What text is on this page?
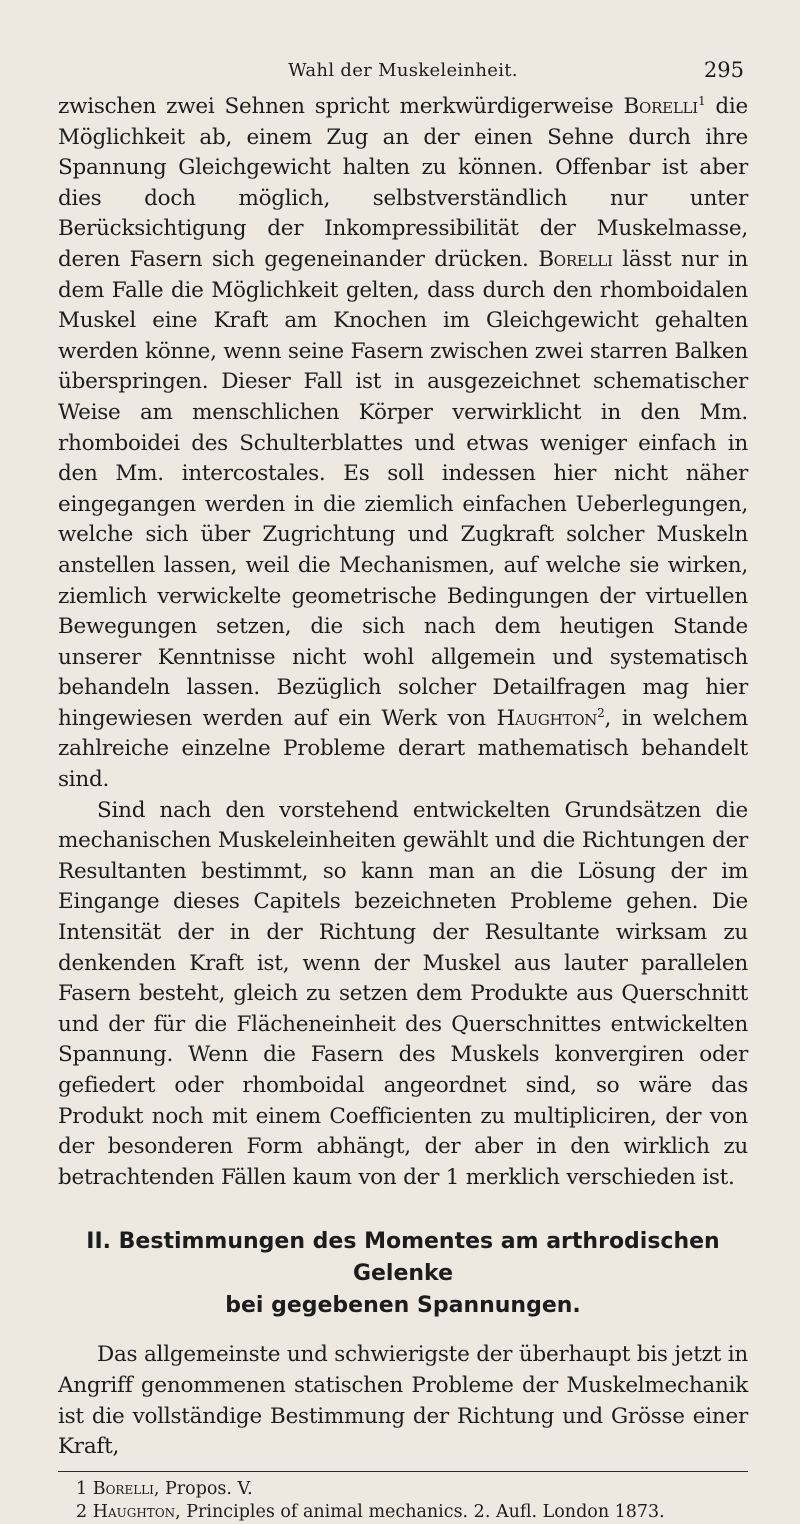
Wahl der Muskeleinheit.	295

zwischen zwei Sehnen spricht merkwürdigerweise Borelli$^1$ die Möglichkeit ab, einem Zug an der einen Sehne durch ihre Spannung Gleichgewicht halten zu können. Offenbar ist aber dies doch möglich, selbstverständlich nur unter Berücksichtigung der Inkompressibilität der Muskelmasse, deren Fasern sich gegeneinander drücken. Borelli lässt nur in dem Falle die Möglichkeit gelten, dass durch den rhomboidalen Muskel eine Kraft am Knochen im Gleichgewicht gehalten werden könne, wenn seine Fasern zwischen zwei starren Balken überspringen. Dieser Fall ist in ausgezeichnet schematischer Weise am menschlichen Körper verwirklicht in den Mm. rhomboidei des Schulterblattes und etwas weniger einfach in den Mm. intercostales. Es soll indessen hier nicht näher eingegangen werden in die ziemlich einfachen Ueberlegungen, welche sich über Zugrichtung und Zugkraft solcher Muskeln anstellen lassen, weil die Mechanismen, auf welche sie wirken, ziemlich verwickelte geometrische Bedingungen der virtuellen Bewegungen setzen, die sich nach dem heutigen Stande unserer Kenntnisse nicht wohl allgemein und systematisch behandeln lassen. Bezüglich solcher Detailfragen mag hier hingewiesen werden auf ein Werk von Haughton$^2$, in welchem zahlreiche einzelne Probleme derart mathematisch behandelt sind.

Sind nach den vorstehend entwickelten Grundsätzen die mechanischen Muskeleinheiten gewählt und die Richtungen der Resultanten bestimmt, so kann man an die Lösung der im Eingange dieses Capitels bezeichneten Probleme gehen. Die Intensität der in der Richtung der Resultante wirksam zu denkenden Kraft ist, wenn der Muskel aus lauter parallelen Fasern besteht, gleich zu setzen dem Produkte aus Querschnitt und der für die Flächeneinheit des Querschnittes entwickelten Spannung. Wenn die Fasern des Muskels konvergiren oder gefiedert oder rhomboidal angeordnet sind, so wäre das Produkt noch mit einem Coefficienten zu multipliciren, der von der besonderen Form abhängt, der aber in den wirklich zu betrachtenden Fällen kaum von der 1 merklich verschieden ist.

II. Bestimmungen des Momentes am arthrodischen Gelenke
bei gegebenen Spannungen.

Das allgemeinste und schwierigste der überhaupt bis jetzt in Angriff genommenen statischen Probleme der Muskelmechanik ist die vollständige Bestimmung der Richtung und Grösse einer Kraft,

1 Borelli, Propos. V.

2 Haughton, Principles of animal mechanics. 2. Aufl. London 1873.
